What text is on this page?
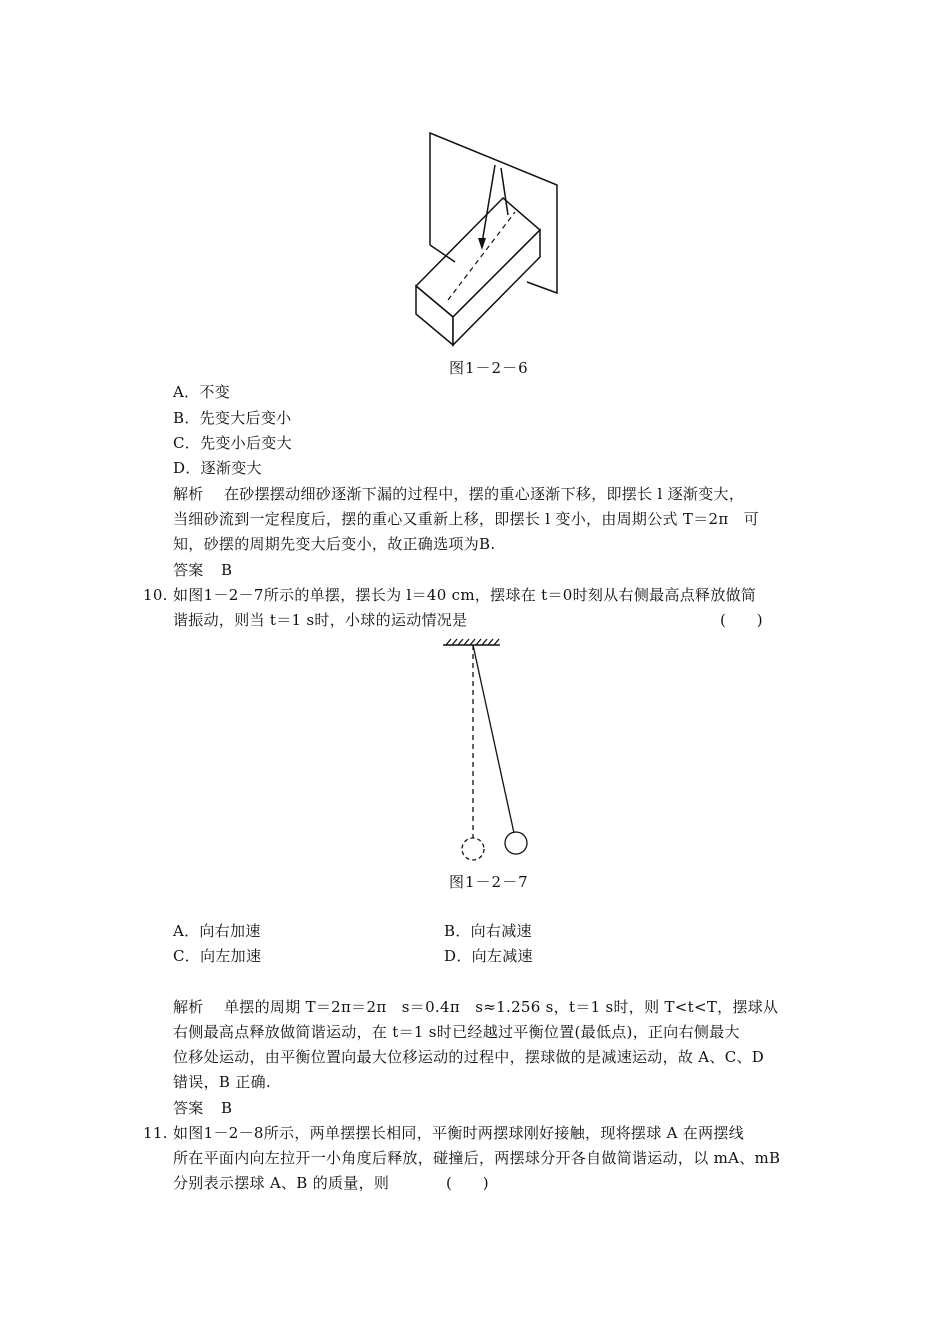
图1－2－6
A．不变
B．先变大后变小
C．先变小后变大
D．逐渐变大
解析 在砂摆摆动细砂逐渐下漏的过程中，摆的重心逐渐下移，即摆长 l 逐渐变大，
当细砂流到一定程度后，摆的重心又重新上移，即摆长 l 变小，由周期公式 T＝2π　可
知，砂摆的周期先变大后变小，故正确选项为B.
答案 B
10. 如图1－2－7所示的单摆，摆长为 l＝40 cm，摆球在 t＝0时刻从右侧最高点释放做简
谐振动，则当 t＝1 s时，小球的运动情况是	(　　)
图1－2－7
A．向右加速	B．向右减速
C．向左加速	D．向左减速
解析 单摆的周期 T＝2π＝2π　s＝0.4π　s≈1.256 s，t＝1 s时，则 T<t<T，摆球从
右侧最高点释放做简谐运动，在 t＝1 s时已经越过平衡位置(最低点)，正向右侧最大
位移处运动，由平衡位置向最大位移运动的过程中，摆球做的是减速运动，故 A、C、D
错误，B 正确.
答案 B
11. 如图1－2－8所示，两单摆摆长相同，平衡时两摆球刚好接触，现将摆球 A 在两摆线
所在平面内向左拉开一小角度后释放，碰撞后，两摆球分开各自做简谐运动，以 mA、mB
分别表示摆球 A、B 的质量，则	(　　)
